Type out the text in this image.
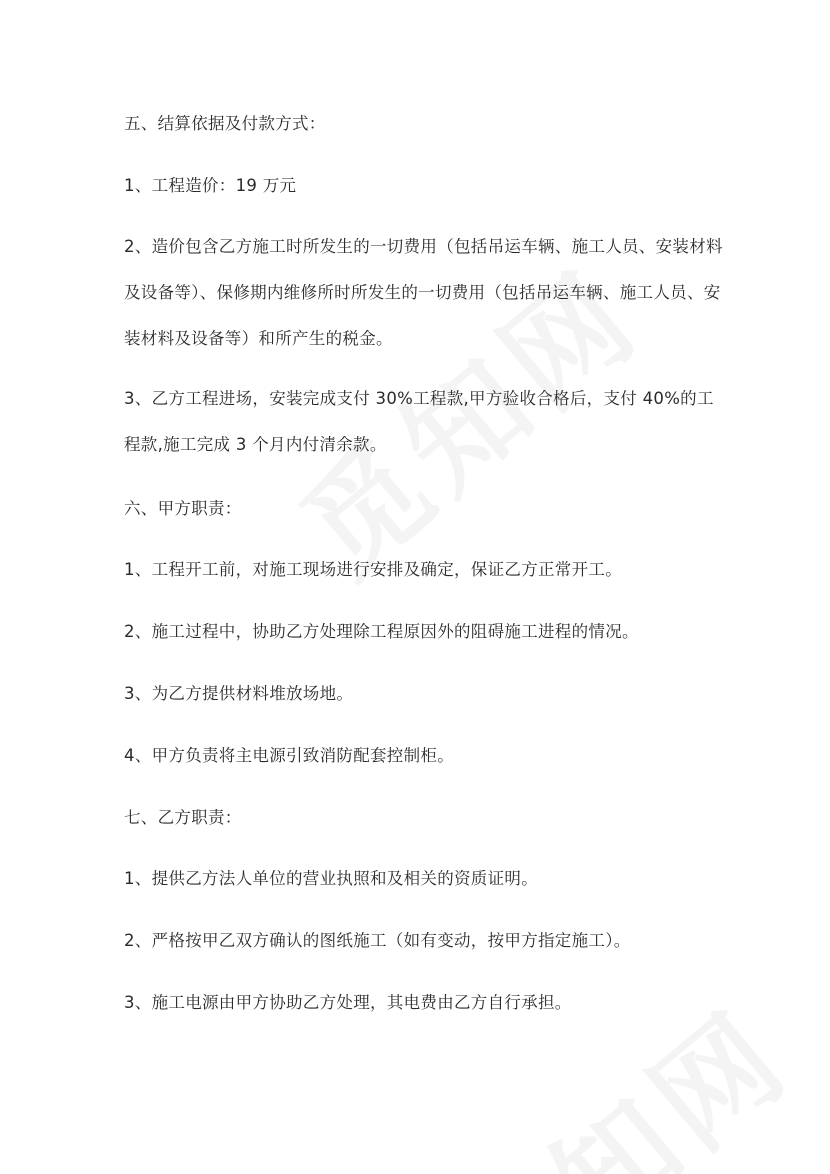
五、结算依据及付款方式：

1、工程造价：19 万元

2、造价包含乙方施工时所发生的一切费用（包括吊运车辆、施工人员、安装材料及设备等）、保修期内维修所时所发生的一切费用（包括吊运车辆、施工人员、安装材料及设备等）和所产生的税金。

3、乙方工程进场，安装完成支付 30%工程款,甲方验收合格后，支付 40%的工程款,施工完成 3 个月内付清余款。

六、甲方职责：

1、工程开工前，对施工现场进行安排及确定，保证乙方正常开工。

2、施工过程中，协助乙方处理除工程原因外的阻碍施工进程的情况。

3、为乙方提供材料堆放场地。

4、甲方负责将主电源引致消防配套控制柜。

七、乙方职责：

1、提供乙方法人单位的营业执照和及相关的资质证明。

2、严格按甲乙双方确认的图纸施工（如有变动，按甲方指定施工）。

3、施工电源由甲方协助乙方处理，其电费由乙方自行承担。
